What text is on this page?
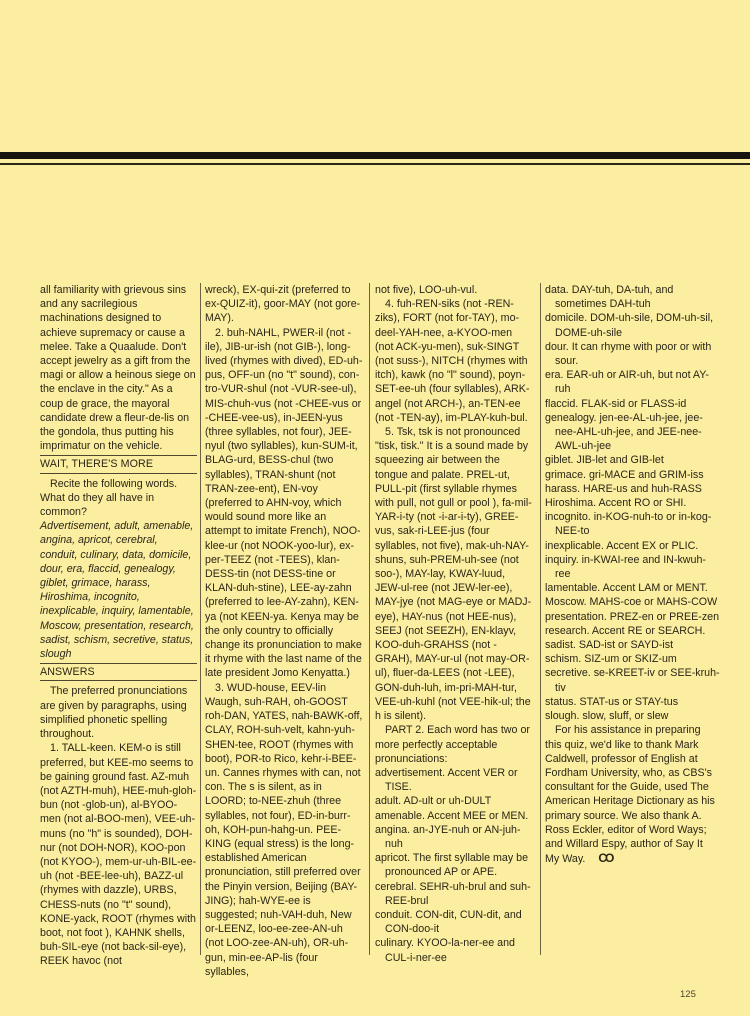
all familiarity with grievous sins and any sacrilegious machinations designed to achieve supremacy or cause a melee. Take a Quaalude. Don't accept jewelry as a gift from the magi or allow a heinous siege on the enclave in the city." As a coup de grace, the mayoral candidate drew a fleur-de-lis on the gondola, thus putting his imprimatur on the vehicle.

WAIT, THERE'S MORE

Recite the following words. What do they all have in common?

Advertisement, adult, amenable, angina, apricot, cerebral, conduit, culinary, data, domicile, dour, era, flaccid, genealogy, giblet, grimace, harass, Hiroshima, incognito, inexplicable, inquiry, lamentable, Moscow, presentation, research, sadist, schism, secretive, status, slough

ANSWERS

The preferred pronunciations are given by paragraphs, using simplified phonetic spelling throughout.

1. TALL-keen. KEM-o is still preferred, but KEE-mo seems to be gaining ground fast. AZ-muh (not AZTH-muh), HEE-muh-gloh-bun (not -glob-un), al-BYOO-men (not al-BOO-men), VEE-uh-muns (no "h" is sounded), DOH-nur (not DOH-NOR), KOO-pon (not KYOO-), mem-ur-uh-BIL-ee-uh (not -BEE-lee-uh), BAZZ-ul (rhymes with dazzle), URBS, CHESS-nuts (no "t" sound), KONE-yack, ROOT (rhymes with boot, not foot ), KAHNK shells, buh-SIL-eye (not back-sil-eye), REEK havoc (not

wreck), EX-qui-zit (preferred to ex-QUIZ-it), goor-MAY (not gore-MAY).

2. buh-NAHL, PWER-il (not -ile), JIB-ur-ish (not GIB-), long-lived (rhymes with dived), ED-uh-pus, OFF-un (no "t" sound), con-tro-VUR-shul (not -VUR-see-ul), MIS-chuh-vus (not -CHEE-vus or -CHEE-vee-us), in-JEEN-yus (three syllables, not four), JEE-nyul (two syllables), kun-SUM-it, BLAG-urd, BESS-chul (two syllables), TRAN-shunt (not TRAN-zee-ent), EN-voy (preferred to AHN-voy, which would sound more like an attempt to imitate French), NOO-klee-ur (not NOOK-yoo-lur), ex-per-TEEZ (not -TEES), klan-DESS-tin (not DESS-tine or KLAN-duh-stine), LEE-ay-zahn (preferred to lee-AY-zahn), KEN-ya (not KEEN-ya. Kenya may be the only country to officially change its pronunciation to make it rhyme with the last name of the late president Jomo Kenyatta.)

3. WUD-house, EEV-lin Waugh, suh-RAH, oh-GOOST roh-DAN, YATES, nah-BAWK-off, CLAY, ROH-suh-velt, kahn-yuh-SHEN-tee, ROOT (rhymes with boot), POR-to Rico, kehr-i-BEE-un. Cannes rhymes with can, not con. The s is silent, as in LOORD; to-NEE-zhuh (three syllables, not four), ED-in-burr-oh, KOH-pun-hahg-un. PEE-KING (equal stress) is the long-established American pronunciation, still preferred over the Pinyin version, Beijing (BAY-JING); hah-WYE-ee is suggested; nuh-VAH-duh, New or-LEENZ, loo-ee-zee-AN-uh (not LOO-zee-AN-uh), OR-uh-gun, min-ee-AP-lis (four syllables,

not five), LOO-uh-vul.

4. fuh-REN-siks (not -REN-ziks), FORT (not for-TAY), mo-deel-YAH-nee, a-KYOO-men (not ACK-yu-men), suk-SINGT (not suss-), NITCH (rhymes with itch), kawk (no "l" sound), poyn-SET-ee-uh (four syllables), ARK-angel (not ARCH-), an-TEN-ee (not -TEN-ay), im-PLAY-kuh-bul.

5. Tsk, tsk is not pronounced "tisk, tisk." It is a sound made by squeezing air between the tongue and palate. PREL-ut, PULL-pit (first syllable rhymes with pull, not gull or pool ), fa-mil-YAR-i-ty (not -i-ar-i-ty), GREE-vus, sak-ri-LEE-jus (four syllables, not five), mak-uh-NAY-shuns, suh-PREM-uh-see (not soo-), MAY-lay, KWAY-luud, JEW-ul-ree (not JEW-ler-ee), MAY-jye (not MAG-eye or MADJ-eye), HAY-nus (not HEE-nus), SEEJ (not SEEZH), EN-klayv, KOO-duh-GRAHSS (not -GRAH), MAY-ur-ul (not may-OR-ul), fluer-da-LEES (not -LEE), GON-duh-luh, im-pri-MAH-tur, VEE-uh-kuhl (not VEE-hik-ul; the h is silent).

PART 2. Each word has two or more perfectly acceptable pronunciations:

advertisement. Accent VER or TISE.

adult. AD-ult or uh-DULT

amenable. Accent MEE or MEN.

angina. an-JYE-nuh or AN-juh-nuh

apricot. The first syllable may be pronounced AP or APE.

cerebral. SEHR-uh-brul and suh-REE-brul

conduit. CON-dit, CUN-dit, and CON-doo-it

culinary. KYOO-la-ner-ee and CUL-i-ner-ee

data. DAY-tuh, DA-tuh, and sometimes DAH-tuh

domicile. DOM-uh-sile, DOM-uh-sil, DOME-uh-sile

dour. It can rhyme with poor or with sour.

era. EAR-uh or AIR-uh, but not AY-ruh

flaccid. FLAK-sid or FLASS-id

genealogy. jen-ee-AL-uh-jee, jee-nee-AHL-uh-jee, and JEE-nee-AWL-uh-jee

giblet. JIB-let and GIB-let

grimace. gri-MACE and GRIM-iss

harass. HARE-us and huh-RASS

Hiroshima. Accent RO or SHI.

incognito. in-KOG-nuh-to or in-kog-NEE-to

inexplicable. Accent EX or PLIC.

inquiry. in-KWAI-ree and IN-kwuh-ree

lamentable. Accent LAM or MENT.

Moscow. MAHS-coe or MAHS-COW

presentation. PREZ-en or PREE-zen

research. Accent RE or SEARCH.

sadist. SAD-ist or SAYD-ist

schism. SIZ-um or SKIZ-um

secretive. se-KREET-iv or SEE-kruh-tiv

status. STAT-us or STAY-tus

slough. slow, sluff, or slew

For his assistance in preparing this quiz, we'd like to thank Mark Caldwell, professor of English at Fordham University, who, as CBS's consultant for the Guide, used The American Heritage Dictionary as his primary source. We also thank A. Ross Eckler, editor of Word Ways; and Willard Espy, author of Say It My Way. CO

125
